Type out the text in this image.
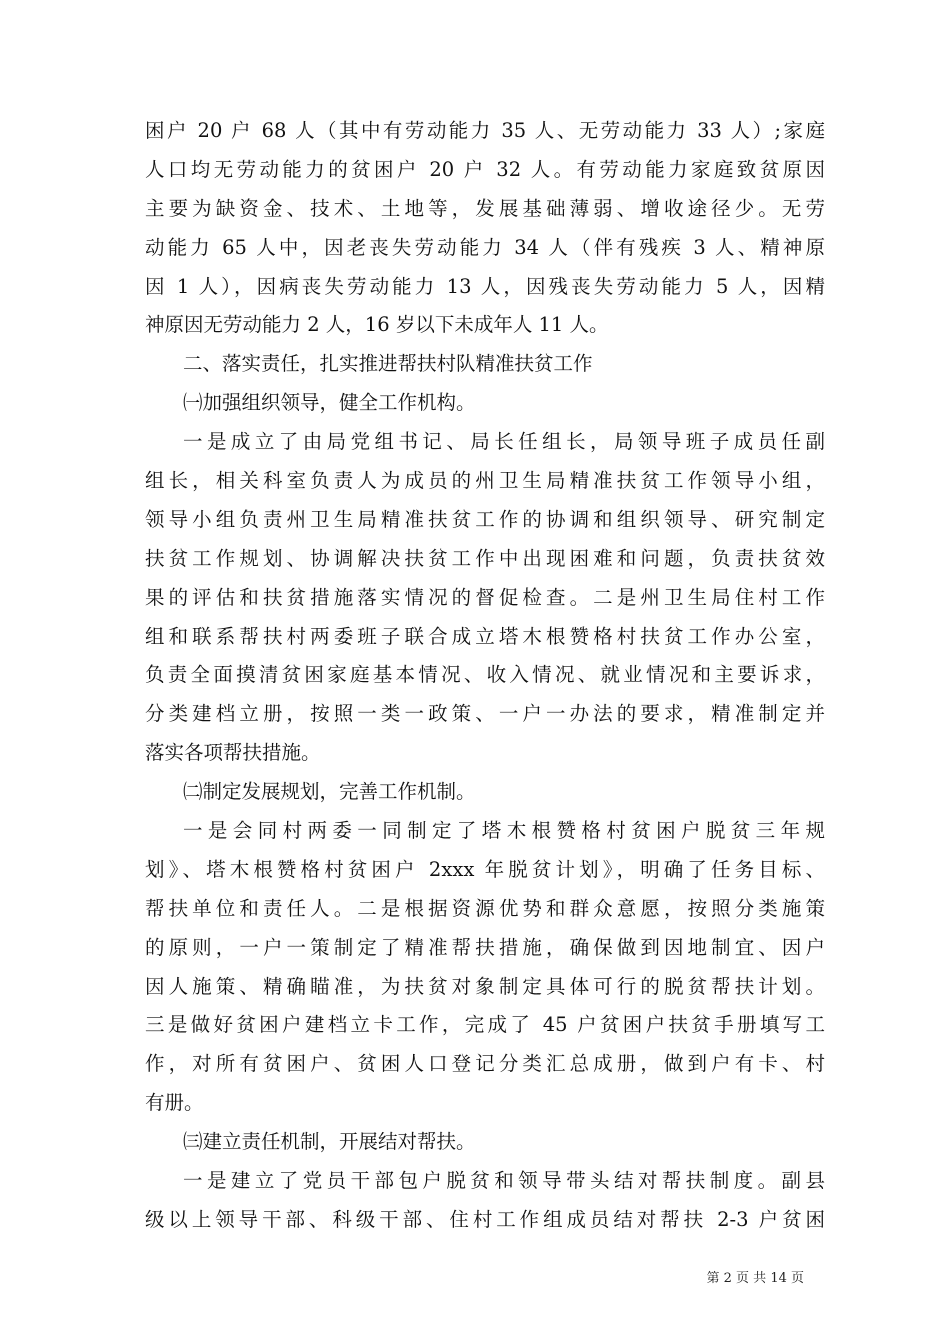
困户 20 户 68 人（其中有劳动能力 35 人、无劳动能力 33 人）;家庭
人口均无劳动能力的贫困户 20 户 32 人。有劳动能力家庭致贫原因
主要为缺资金、技术、土地等，发展基础薄弱、增收途径少。无劳
动能力 65 人中，因老丧失劳动能力 34 人（伴有残疾 3 人、精神原
因 1 人），因病丧失劳动能力 13 人，因残丧失劳动能力 5 人，因精
神原因无劳动能力 2 人，16 岁以下未成年人 11 人。
二、落实责任，扎实推进帮扶村队精准扶贫工作
㈠加强组织领导，健全工作机构。
一是成立了由局党组书记、局长任组长，局领导班子成员任副
组长，相关科室负责人为成员的州卫生局精准扶贫工作领导小组，
领导小组负责州卫生局精准扶贫工作的协调和组织领导、研究制定
扶贫工作规划、协调解决扶贫工作中出现困难和问题，负责扶贫效
果的评估和扶贫措施落实情况的督促检查。二是州卫生局住村工作
组和联系帮扶村两委班子联合成立塔木根赞格村扶贫工作办公室，
负责全面摸清贫困家庭基本情况、收入情况、就业情况和主要诉求，
分类建档立册，按照一类一政策、一户一办法的要求，精准制定并
落实各项帮扶措施。
㈡制定发展规划，完善工作机制。
一是会同村两委一同制定了塔木根赞格村贫困户脱贫三年规
划》、塔木根赞格村贫困户 2xxx 年脱贫计划》，明确了任务目标、
帮扶单位和责任人。二是根据资源优势和群众意愿，按照分类施策
的原则，一户一策制定了精准帮扶措施，确保做到因地制宜、因户
因人施策、精确瞄准，为扶贫对象制定具体可行的脱贫帮扶计划。
三是做好贫困户建档立卡工作，完成了 45 户贫困户扶贫手册填写工
作，对所有贫困户、贫困人口登记分类汇总成册，做到户有卡、村
有册。
㈢建立责任机制，开展结对帮扶。
一是建立了党员干部包户脱贫和领导带头结对帮扶制度。副县
级以上领导干部、科级干部、住村工作组成员结对帮扶 2-3 户贫困
第 2 页 共 14 页
